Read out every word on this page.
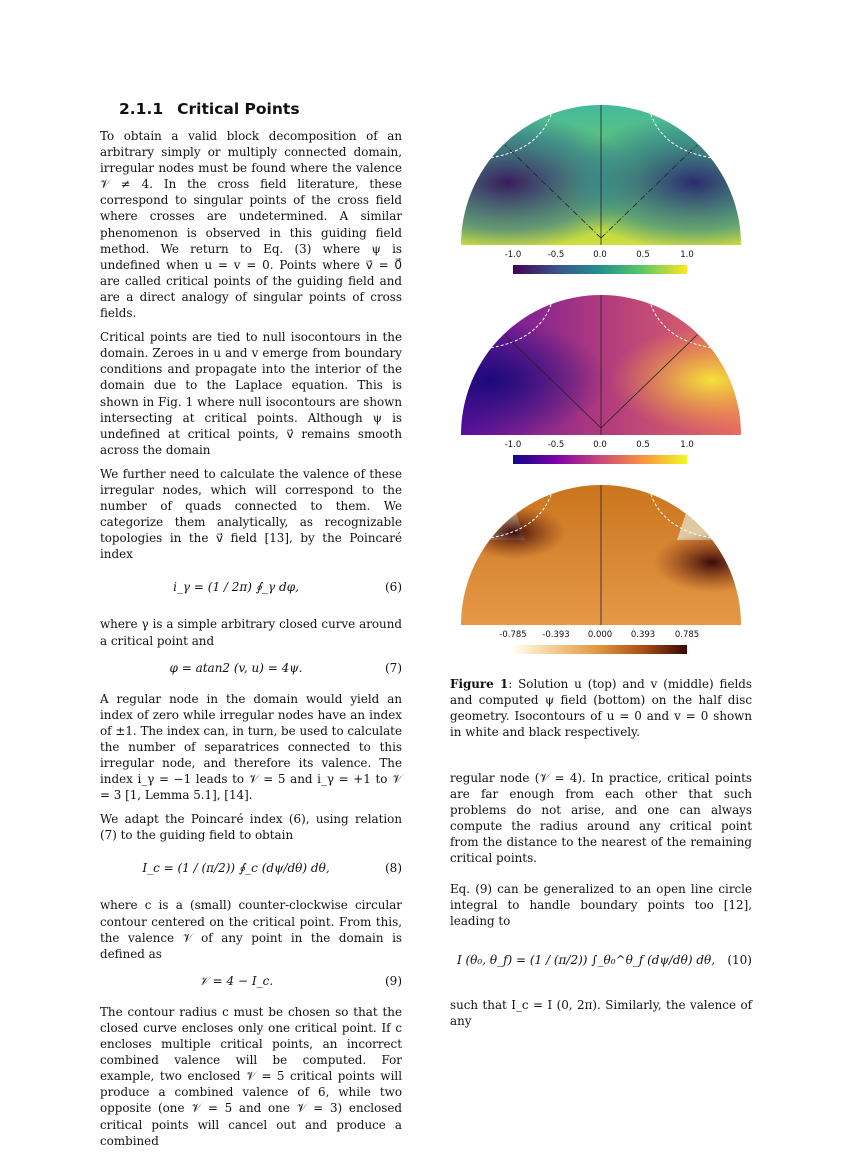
2.1.1 Critical Points

To obtain a valid block decomposition of an arbitrary simply or multiply connected domain, irregular nodes must be found where the valence 𝒱 ≠ 4. In the cross field literature, these correspond to singular points of the cross field where crosses are undetermined. A similar phenomenon is observed in this guiding field method. We return to Eq. (3) where ψ is undefined when u = v = 0. Points where v⃗ = 0⃗ are called critical points of the guiding field and are a direct analogy of singular points of cross fields.

Critical points are tied to null isocontours in the domain. Zeroes in u and v emerge from boundary conditions and propagate into the interior of the domain due to the Laplace equation. This is shown in Fig. 1 where null isocontours are shown intersecting at critical points. Although ψ is undefined at critical points, v⃗ remains smooth across the domain

We further need to calculate the valence of these irregular nodes, which will correspond to the number of quads connected to them. We categorize them analytically, as recognizable topologies in the v⃗ field [13], by the Poincaré index

i_γ = (1 / 2π) ∮_γ dφ,	(6)

where γ is a simple arbitrary closed curve around a critical point and

φ = atan2 (v, u) = 4ψ.	(7)

A regular node in the domain would yield an index of zero while irregular nodes have an index of ±1. The index can, in turn, be used to calculate the number of separatrices connected to this irregular node, and therefore its valence. The index i_γ = −1 leads to 𝒱 = 5 and i_γ = +1 to 𝒱 = 3 [1, Lemma 5.1], [14].

We adapt the Poincaré index (6), using relation (7) to the guiding field to obtain

I_c = (1 / (π/2)) ∮_c (dψ/dθ) dθ,	(8)

where c is a (small) counter-clockwise circular contour centered on the critical point. From this, the valence 𝒱 of any point in the domain is defined as

𝒱 = 4 − I_c.	(9)

The contour radius c must be chosen so that the closed curve encloses only one critical point. If c encloses multiple critical points, an incorrect combined valence will be computed. For example, two enclosed 𝒱 = 5 critical points will produce a combined valence of 6, while two opposite (one 𝒱 = 5 and one 𝒱 = 3) enclosed critical points will cancel out and produce a combined

-1.0	-0.5	0.0	0.5	1.0
-1.0	-0.5	0.0	0.5	1.0
-0.785 -0.393 0.000 0.393 0.785

Figure 1: Solution u (top) and v (middle) fields and computed ψ field (bottom) on the half disc geometry. Isocontours of u = 0 and v = 0 shown in white and black respectively.

regular node (𝒱 = 4). In practice, critical points are far enough from each other that such problems do not arise, and one can always compute the radius around any critical point from the distance to the nearest of the remaining critical points.

Eq. (9) can be generalized to an open line circle integral to handle boundary points too [12], leading to

I (θ₀, θ_f) = (1 / (π/2)) ∫_θ₀^θ_f (dψ/dθ) dθ,	(10)

such that I_c = I (0, 2π). Similarly, the valence of any
